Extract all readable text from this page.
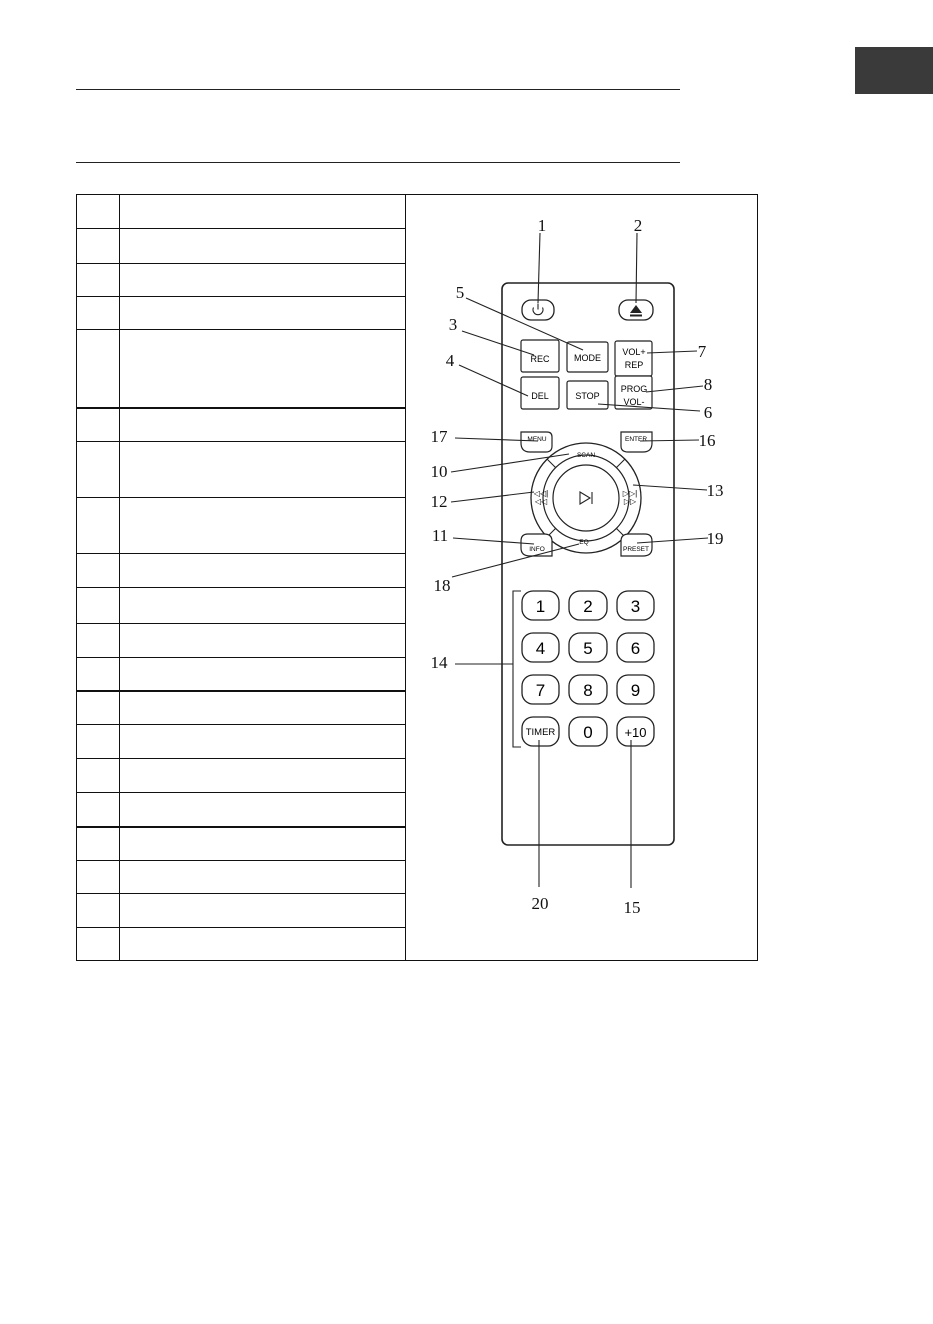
REC
DEL
MODE
STOP
VOL+
REP
PROG
VOL-
MENU	ENTER
SCAN
EQ
◁◁|
◁◁
▷▷|
▷▷
INFO	PRESET
1 2 3
4 5 6
7 8 9
TIMER 0 +10
1	2
3
4
5
6
7
8
10
11
12
13
14
15
16
17
18
19
20
